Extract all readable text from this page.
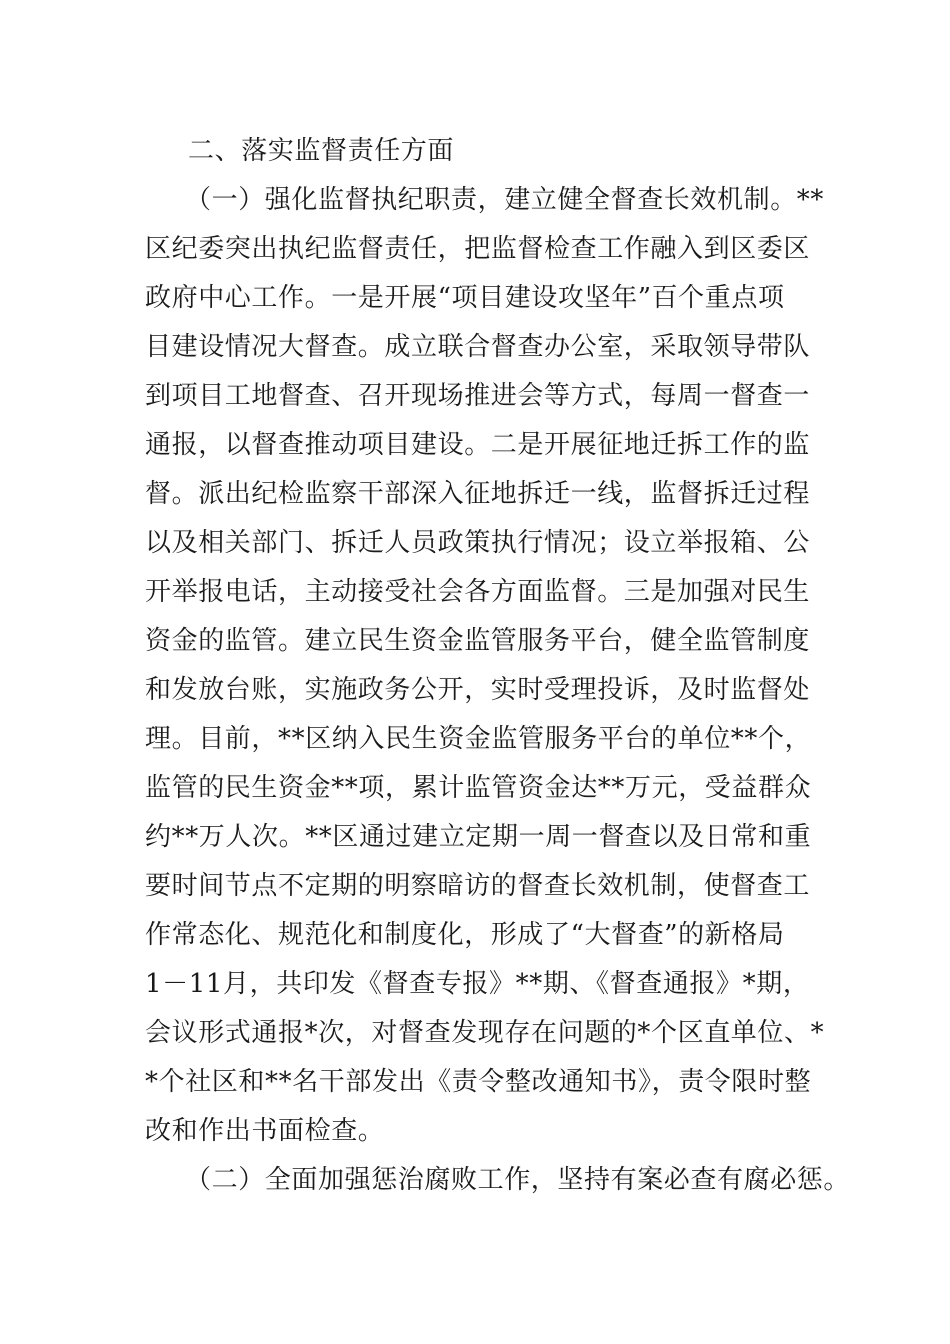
二、落实监督责任方面
（一）强化监督执纪职责，建立健全督查长效机制。**
区纪委突出执纪监督责任，把监督检查工作融入到区委区
政府中心工作。一是开展“项目建设攻坚年”百个重点项
目建设情况大督查。成立联合督查办公室，采取领导带队
到项目工地督查、召开现场推进会等方式，每周一督查一
通报，以督查推动项目建设。二是开展征地迁拆工作的监
督。派出纪检监察干部深入征地拆迁一线，监督拆迁过程
以及相关部门、拆迁人员政策执行情况；设立举报箱、公
开举报电话，主动接受社会各方面监督。三是加强对民生
资金的监管。建立民生资金监管服务平台，健全监管制度
和发放台账，实施政务公开，实时受理投诉，及时监督处
理。目前，**区纳入民生资金监管服务平台的单位**个，
监管的民生资金**项，累计监管资金达**万元，受益群众
约**万人次。**区通过建立定期一周一督查以及日常和重
要时间节点不定期的明察暗访的督查长效机制，使督查工
作常态化、规范化和制度化，形成了“大督查”的新格局
1－11月，共印发《督查专报》**期、《督查通报》*期，
会议形式通报*次，对督查发现存在问题的*个区直单位、*
*个社区和**名干部发出《责令整改通知书》，责令限时整
改和作出书面检查。
（二）全面加强惩治腐败工作，坚持有案必查有腐必惩。
